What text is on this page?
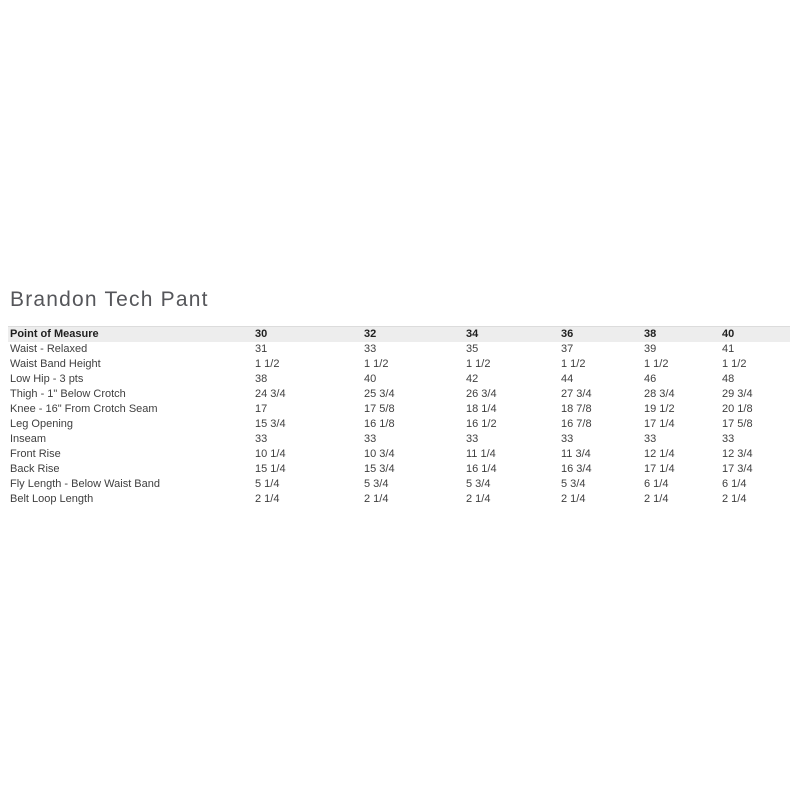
Brandon Tech Pant
Point of Measure	30	32	34	36	38	40
Waist - Relaxed	31	33	35	37	39	41
Waist Band Height	1 1/2	1 1/2	1 1/2	1 1/2	1 1/2	1 1/2
Low Hip - 3 pts	38	40	42	44	46	48
Thigh - 1" Below Crotch	24 3/4	25 3/4	26 3/4	27 3/4	28 3/4	29 3/4
Knee - 16" From Crotch Seam	17	17 5/8	18 1/4	18 7/8	19 1/2	20 1/8
Leg Opening	15 3/4	16 1/8	16 1/2	16 7/8	17 1/4	17 5/8
Inseam	33	33	33	33	33	33
Front Rise	10 1/4	10 3/4	11 1/4	11 3/4	12 1/4	12 3/4
Back Rise	15 1/4	15 3/4	16 1/4	16 3/4	17 1/4	17 3/4
Fly Length - Below Waist Band	5 1/4	5 3/4	5 3/4	5 3/4	6 1/4	6 1/4
Belt Loop Length	2 1/4	2 1/4	2 1/4	2 1/4	2 1/4	2 1/4
